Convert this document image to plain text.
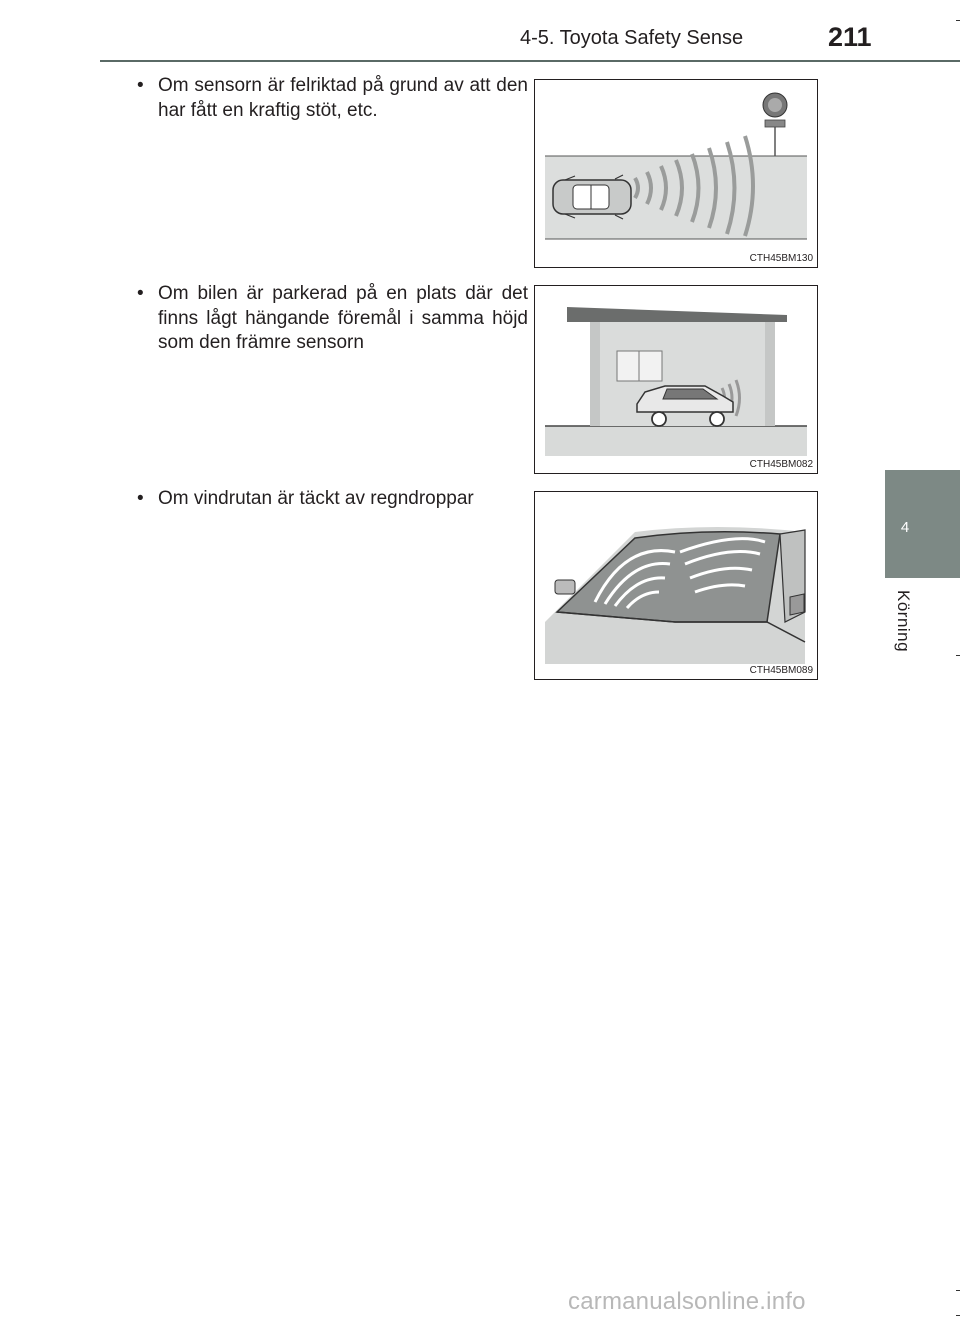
4-5. Toyota Safety Sense	211
4
Körning
• Om sensorn är felriktad på grund av att den har fått en kraftig stöt, etc.
CTH45BM130
• Om bilen är parkerad på en plats där det finns lågt hängande föremål i samma höjd som den främre sensorn
CTH45BM082
• Om vindrutan är täckt av regndroppar
CTH45BM089
carmanualsonline.info
